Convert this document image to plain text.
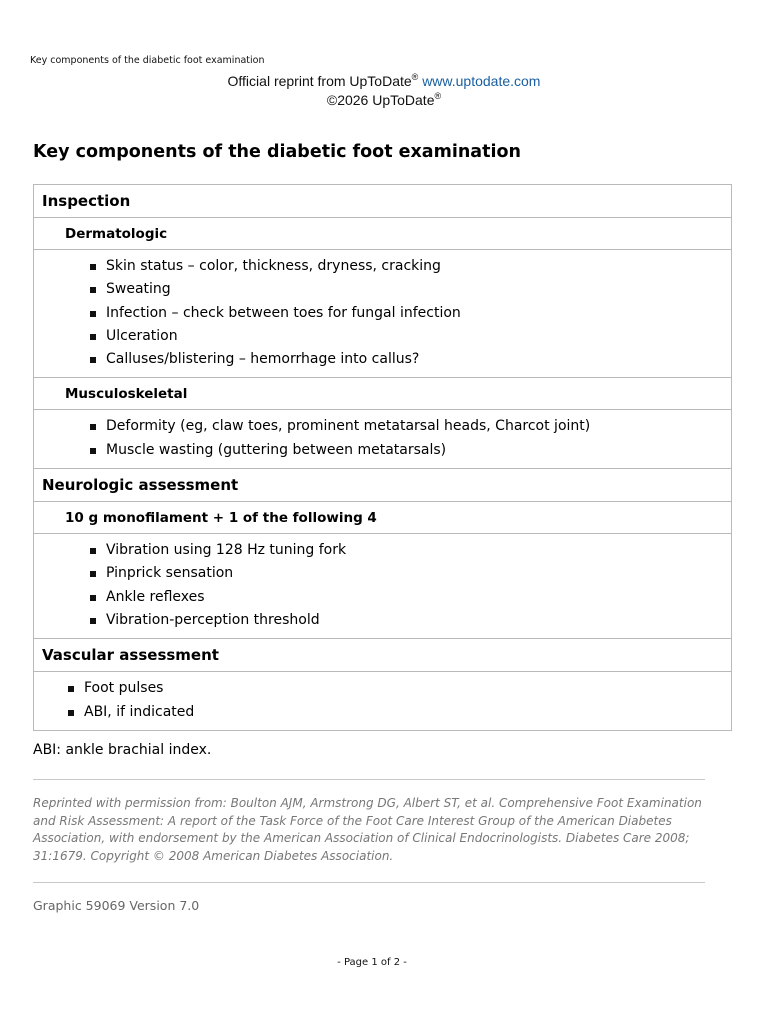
Key components of the diabetic foot examination
Official reprint from UpToDate® www.uptodate.com
©2026 UpToDate®
Key components of the diabetic foot examination
Inspection
Dermatologic
Skin status – color, thickness, dryness, cracking
Sweating
Infection – check between toes for fungal infection
Ulceration
Calluses/blistering – hemorrhage into callus?
Musculoskeletal
Deformity (eg, claw toes, prominent metatarsal heads, Charcot joint)
Muscle wasting (guttering between metatarsals)
Neurologic assessment
10 g monofilament + 1 of the following 4
Vibration using 128 Hz tuning fork
Pinprick sensation
Ankle reflexes
Vibration-perception threshold
Vascular assessment
Foot pulses
ABI, if indicated
ABI: ankle brachial index.
Reprinted with permission from: Boulton AJM, Armstrong DG, Albert ST, et al. Comprehensive Foot Examination and Risk Assessment: A report of the Task Force of the Foot Care Interest Group of the American Diabetes Association, with endorsement by the American Association of Clinical Endocrinologists. Diabetes Care 2008; 31:1679. Copyright © 2008 American Diabetes Association.
Graphic 59069 Version 7.0
- Page 1 of 2 -
